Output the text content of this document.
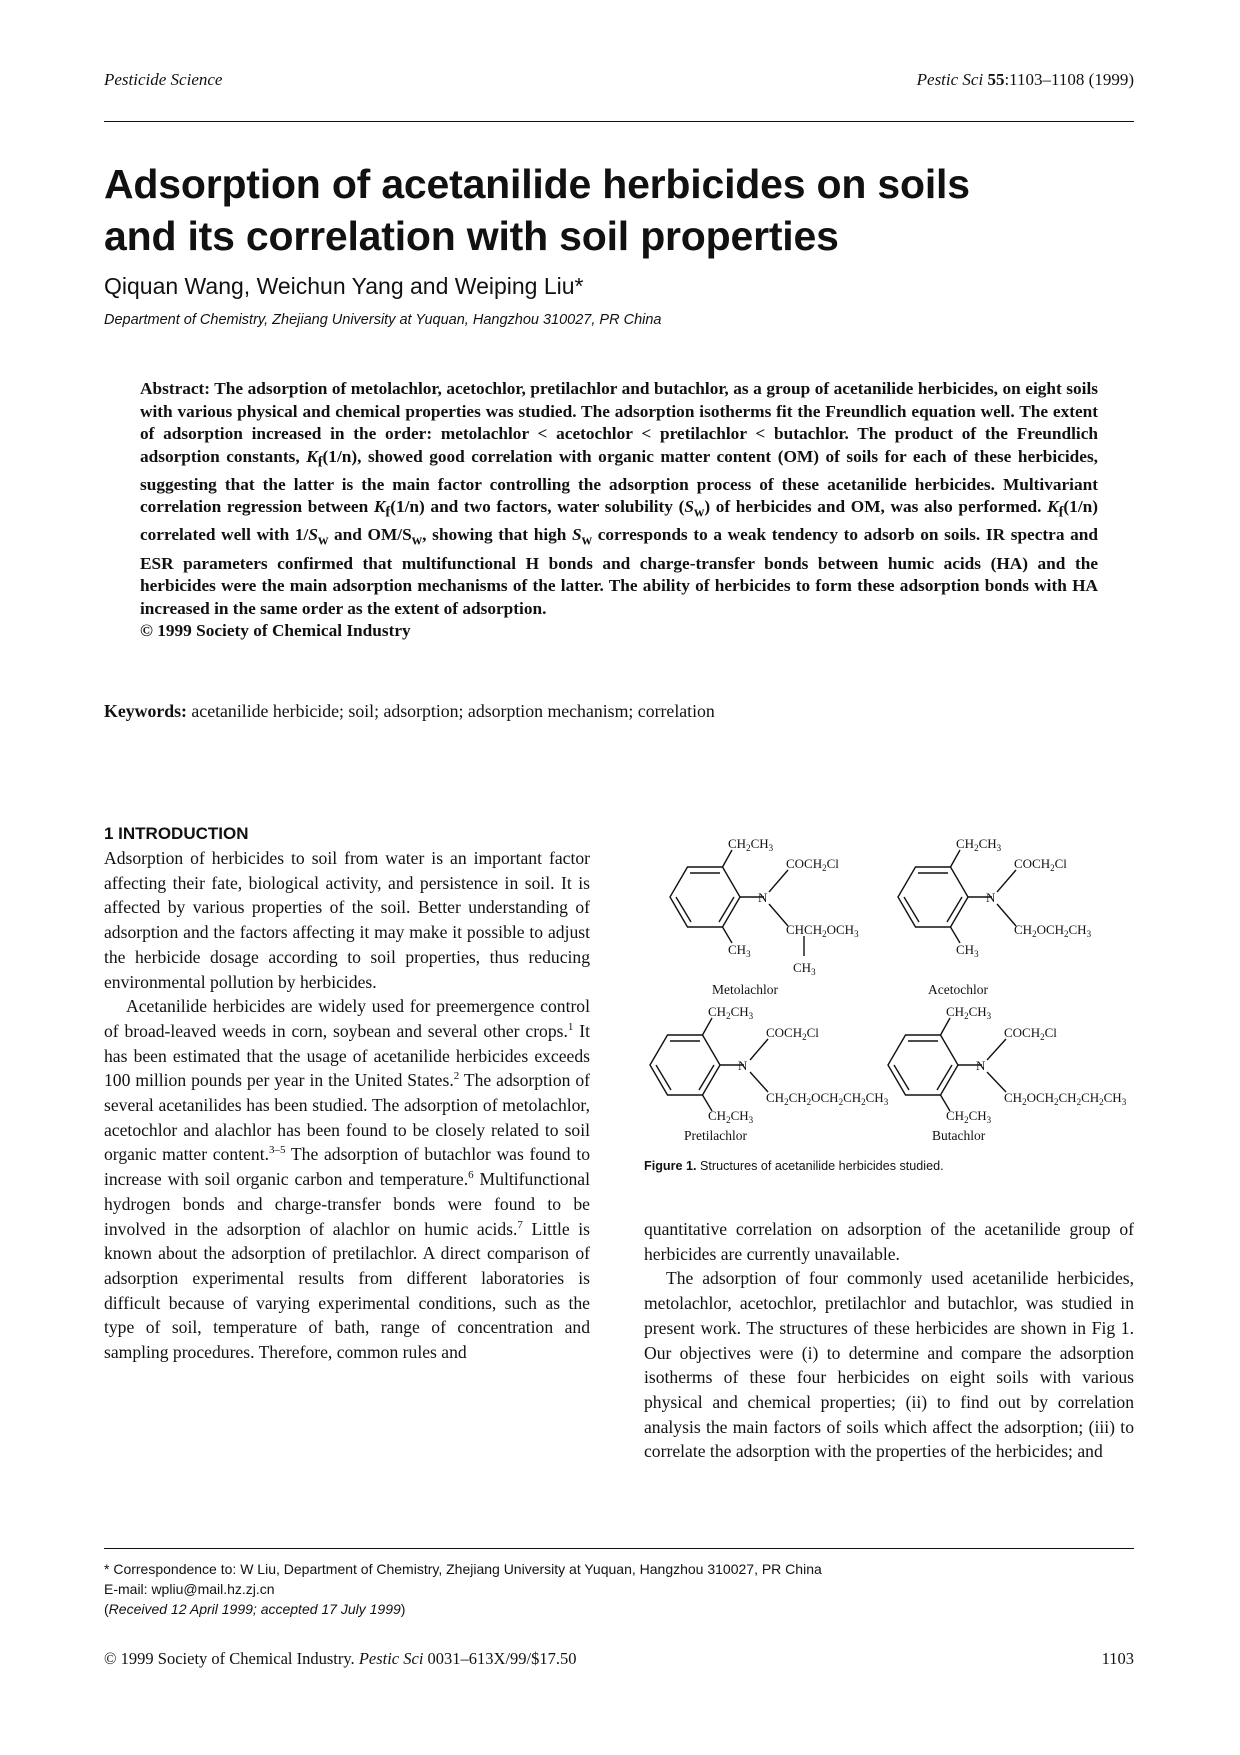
Pesticide Science	Pestic Sci 55:1103–1108 (1999)
Adsorption of acetanilide herbicides on soils
and its correlation with soil properties
Qiquan Wang, Weichun Yang and Weiping Liu*
Department of Chemistry, Zhejiang University at Yuquan, Hangzhou 310027, PR China

Abstract: The adsorption of metolachlor, acetochlor, pretilachlor and butachlor, as a group of acetanilide herbicides, on eight soils with various physical and chemical properties was studied. The adsorption isotherms fit the Freundlich equation well. The extent of adsorption increased in the order: metolachlor < acetochlor < pretilachlor < butachlor. The product of the Freundlich adsorption constants, $K_f(1/n)$, showed good correlation with organic matter content (OM) of soils for each of these herbicides, suggesting that the latter is the main factor controlling the adsorption process of these acetanilide herbicides. Multivariant correlation regression between $K_f(1/n)$ and two factors, water solubility $(S_w)$ of herbicides and OM, was also performed. $K_f(1/n)$ correlated well with $1/S_w$ and $OM/S_w$, showing that high $S_w$ corresponds to a weak tendency to adsorb on soils. IR spectra and ESR parameters confirmed that multifunctional H bonds and charge-transfer bonds between humic acids (HA) and the herbicides were the main adsorption mechanisms of the latter. The ability of herbicides to form these adsorption bonds with HA increased in the same order as the extent of adsorption.

© 1999 Society of Chemical Industry

Keywords: acetanilide herbicide; soil; adsorption; adsorption mechanism; correlation
1 INTRODUCTION

Adsorption of herbicides to soil from water is an important factor affecting their fate, biological activity, and persistence in soil. It is affected by various properties of the soil. Better understanding of adsorption and the factors affecting it may make it possible to adjust the herbicide dosage according to soil properties, thus reducing environmental pollution by herbicides.

Acetanilide herbicides are widely used for preemergence control of broad-leaved weeds in corn, soybean and several other crops.$^1$ It has been estimated that the usage of acetanilide herbicides exceeds 100 million pounds per year in the United States.$^2$ The adsorption of several acetanilides has been studied. The adsorption of metolachlor, acetochlor and alachlor has been found to be closely related to soil organic matter content.$^{3-5}$ The adsorption of butachlor was found to increase with soil organic carbon and temperature.$^6$ Multifunctional hydrogen bonds and charge-transfer bonds were found to be involved in the adsorption of alachlor on humic acids.$^7$ Little is known about the adsorption of pretilachlor. A direct comparison of adsorption experimental results from different laboratories is difficult because of varying experimental conditions, such as the type of soil, temperature of bath, range of concentration and sampling procedures. Therefore, common rules and

$CH_2CH_3$
N
$COCH_2Cl$
$CHCH_2OCH_3$
$CH_3$
$CH_3$
Metolachlor
$CH_2CH_3$
N
$COCH_2Cl$
$CH_2OCH_2CH_3$
$CH_3$
Acetochlor
$CH_2CH_3$
N
$COCH_2Cl$
$CH_2CH_2OCH_2CH_2CH_3$
$CH_2CH_3$
Pretilachlor
$CH_2CH_3$
N
$COCH_2Cl$
$CH_2OCH_2CH_2CH_2CH_3$
$CH_2CH_3$
Butachlor
Figure 1. Structures of acetanilide herbicides studied.

quantitative correlation on adsorption of the acetanilide group of herbicides are currently unavailable.

The adsorption of four commonly used acetanilide herbicides, metolachlor, acetochlor, pretilachlor and butachlor, was studied in present work. The structures of these herbicides are shown in Fig 1. Our objectives were (i) to determine and compare the adsorption isotherms of these four herbicides on eight soils with various physical and chemical properties; (ii) to find out by correlation analysis the main factors of soils which affect the adsorption; (iii) to correlate the adsorption with the properties of the herbicides; and

* Correspondence to: W Liu, Department of Chemistry, Zhejiang University at Yuquan, Hangzhou 310027, PR China
E-mail: wpliu@mail.hz.zj.cn
(Received 12 April 1999; accepted 17 July 1999)
© 1999 Society of Chemical Industry. Pestic Sci 0031–613X/99/$17.50	1103
